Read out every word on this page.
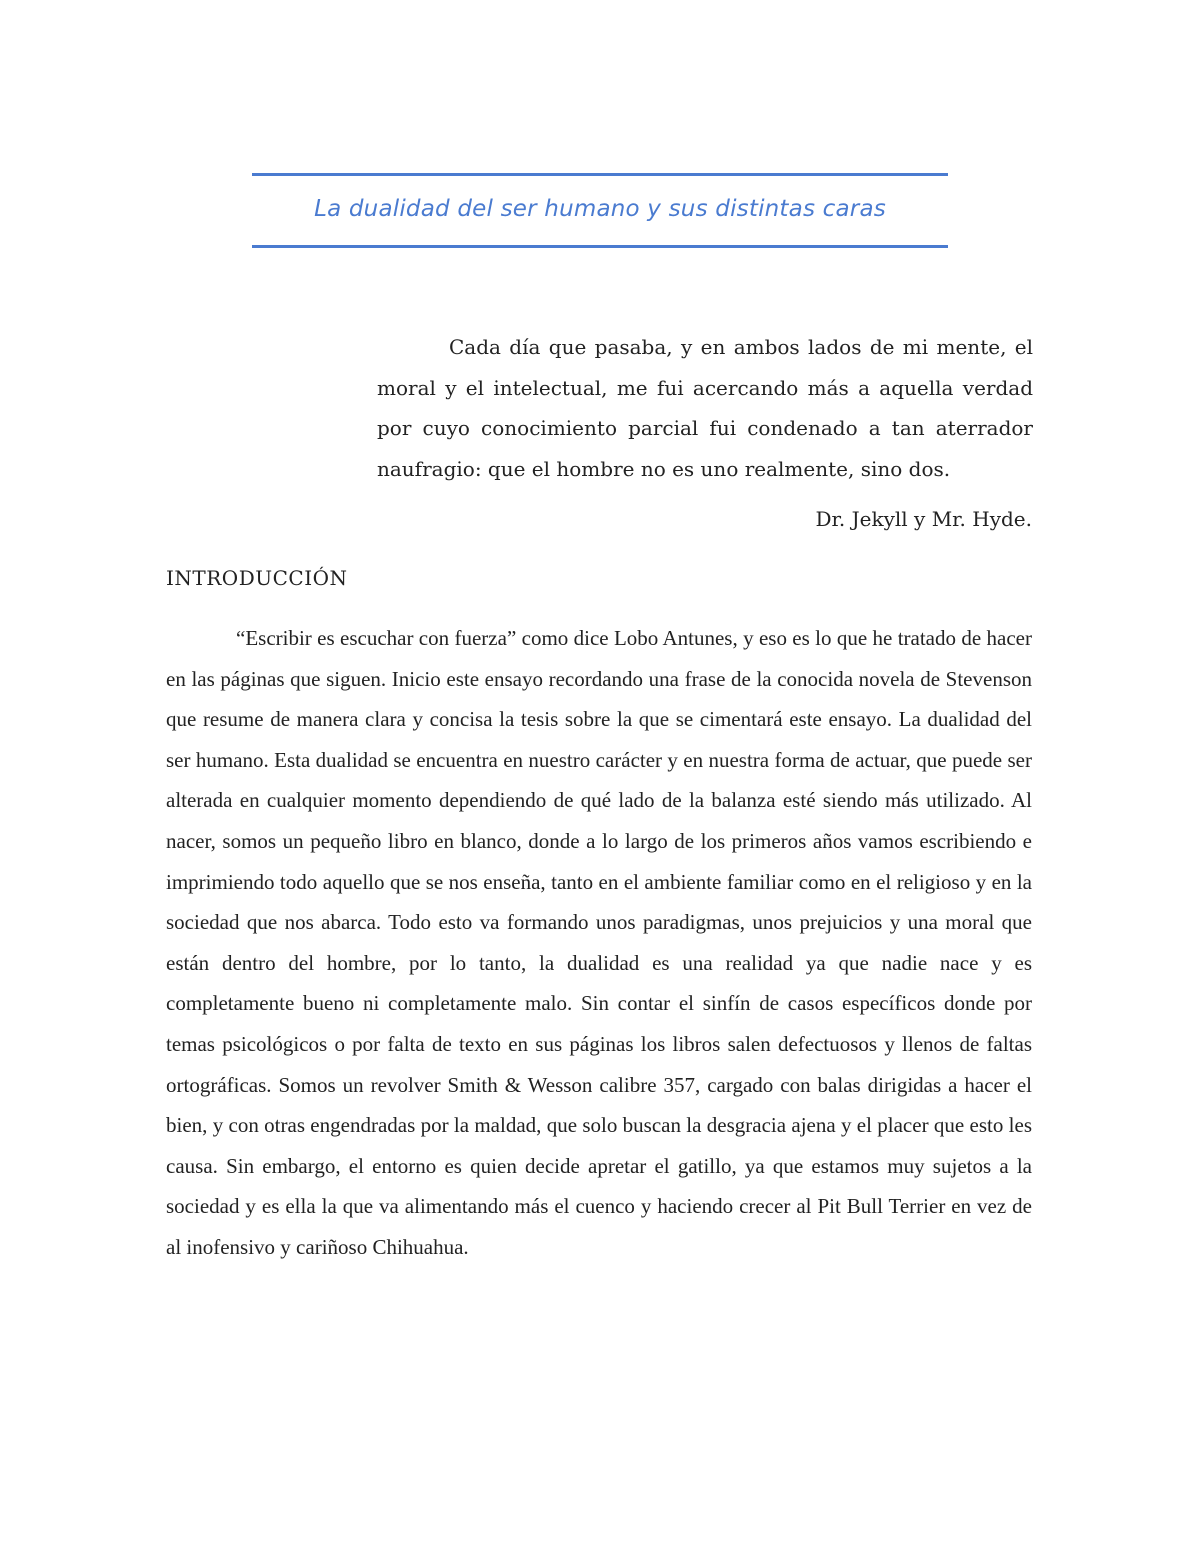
La dualidad del ser humano y sus distintas caras
Cada día que pasaba, y en ambos lados de mi mente, el moral y el intelectual, me fui acercando más a aquella verdad por cuyo conocimiento parcial fui condenado a tan aterrador naufragio: que el hombre no es uno realmente, sino dos.
Dr. Jekyll y Mr. Hyde.
INTRODUCCIÓN

“Escribir es escuchar con fuerza” como dice Lobo Antunes, y eso es lo que he tratado de hacer en las páginas que siguen. Inicio este ensayo recordando una frase de la conocida novela de Stevenson que resume de manera clara y concisa la tesis sobre la que se cimentará este ensayo. La dualidad del ser humano. Esta dualidad se encuentra en nuestro carácter y en nuestra forma de actuar, que puede ser alterada en cualquier momento dependiendo de qué lado de la balanza esté siendo más utilizado. Al nacer, somos un pequeño libro en blanco, donde a lo largo de los primeros años vamos escribiendo e imprimiendo todo aquello que se nos enseña, tanto en el ambiente familiar como en el religioso y en la sociedad que nos abarca. Todo esto va formando unos paradigmas, unos prejuicios y una moral que están dentro del hombre, por lo tanto, la dualidad es una realidad ya que nadie nace y es completamente bueno ni completamente malo. Sin contar el sinfín de casos específicos donde por temas psicológicos o por falta de texto en sus páginas los libros salen defectuosos y llenos de faltas ortográficas. Somos un revolver Smith & Wesson calibre 357, cargado con balas dirigidas a hacer el bien, y con otras engendradas por la maldad, que solo buscan la desgracia ajena y el placer que esto les causa. Sin embargo, el entorno es quien decide apretar el gatillo, ya que estamos muy sujetos a la sociedad y es ella la que va alimentando más el cuenco y haciendo crecer al Pit Bull Terrier en vez de al inofensivo y cariñoso Chihuahua.
